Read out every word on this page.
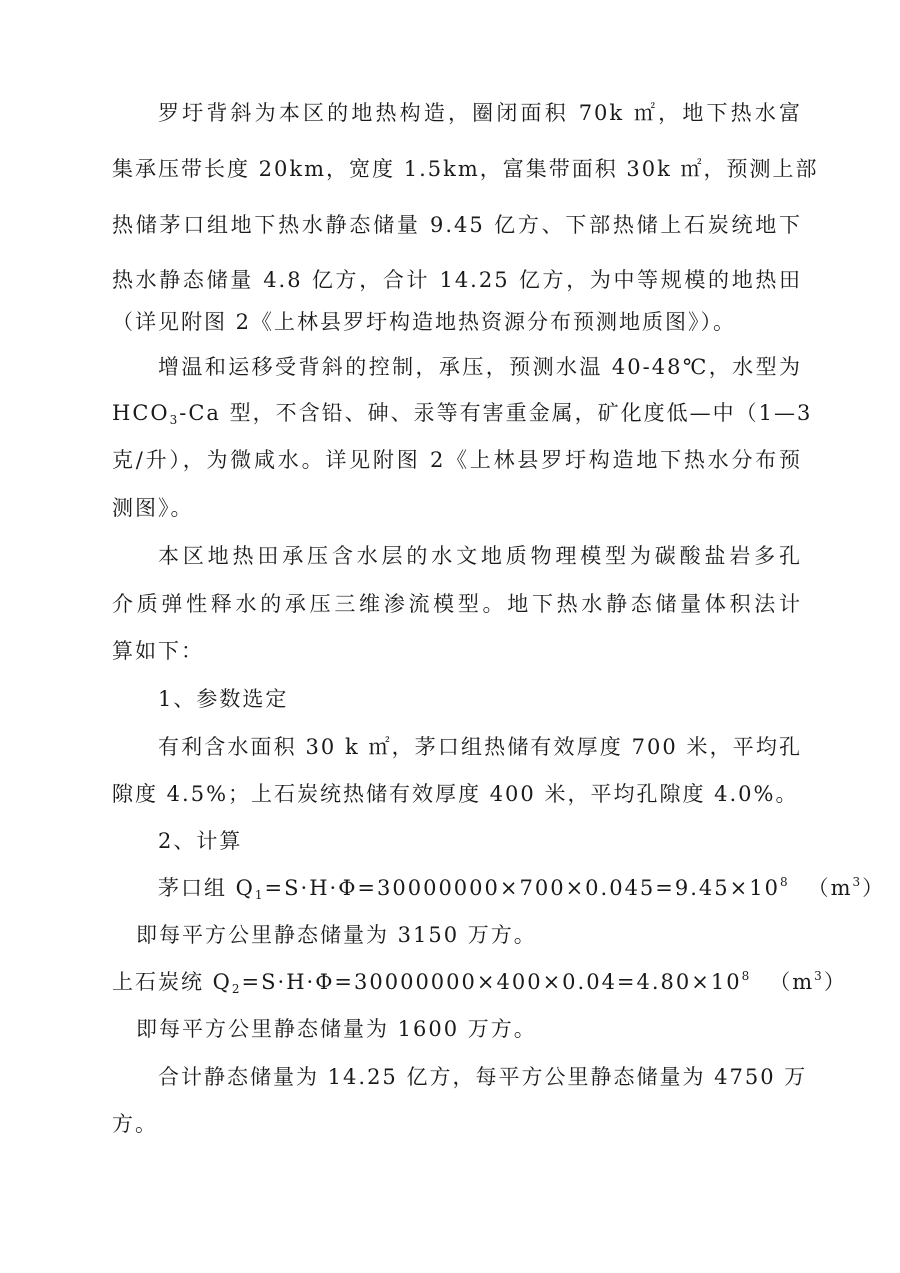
罗圩背斜为本区的地热构造，圈闭面积 70k ㎡，地下热水富
集承压带长度 20km，宽度 1.5km，富集带面积 30k ㎡，预测上部
热储茅口组地下热水静态储量 9.45 亿方、下部热储上石炭统地下
热水静态储量 4.8 亿方，合计 14.25 亿方，为中等规模的地热田
（详见附图 2《上林县罗圩构造地热资源分布预测地质图》）。
增温和运移受背斜的控制，承压，预测水温 40-48℃，水型为
$HCO_3-Ca$ 型，不含铅、砷、汞等有害重金属，矿化度低—中（1—3
克/升），为微咸水。详见附图 2《上林县罗圩构造地下热水分布预
测图》。
本区地热田承压含水层的水文地质物理模型为碳酸盐岩多孔
介质弹性释水的承压三维渗流模型。地下热水静态储量体积法计
算如下：
1、参数选定
有利含水面积 30 k ㎡，茅口组热储有效厚度 700 米，平均孔
隙度 4.5%；上石炭统热储有效厚度 400 米，平均孔隙度 4.0%。
2、计算
茅口组 $Q_1=S\cdot H\cdot\Phi=30000000\times 700\times 0.045=9.45\times 10^8$ $(m^3)$
即每平方公里静态储量为 3150 万方。
上石炭统 $Q_2=S\cdot H\cdot\Phi=30000000\times 400\times 0.04=4.80\times 10^8$ $(m^3)$
即每平方公里静态储量为 1600 万方。
合计静态储量为 14.25 亿方，每平方公里静态储量为 4750 万
方。
